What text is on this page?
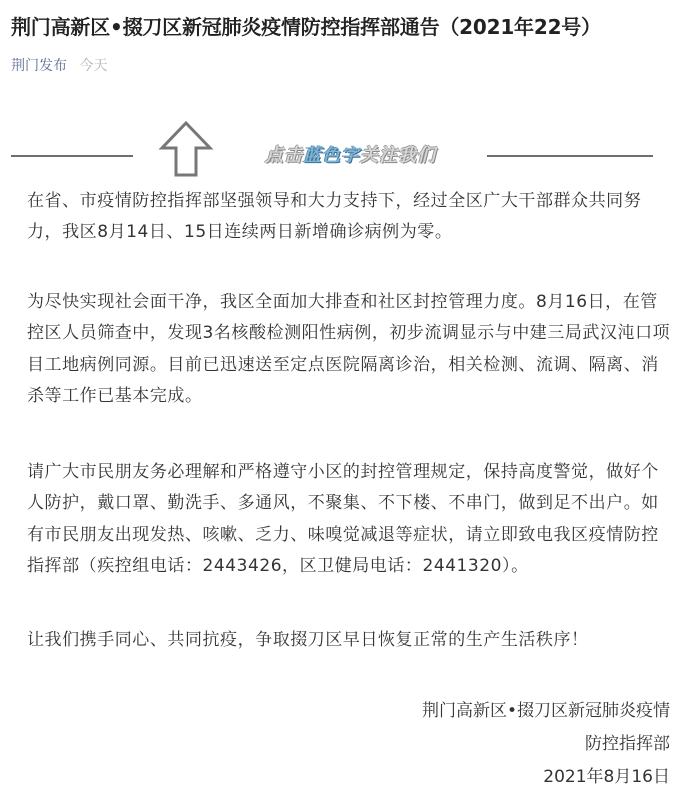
荆门高新区•掇刀区新冠肺炎疫情防控指挥部通告（2021年22号）
荆门发布 今天
点击蓝色字关注我们

在省、市疫情防控指挥部坚强领导和大力支持下，经过全区广大干部群众共同努力，我区8月14日、15日连续两日新增确诊病例为零。

为尽快实现社会面干净，我区全面加大排查和社区封控管理力度。8月16日，在管控区人员筛查中，发现3名核酸检测阳性病例，初步流调显示与中建三局武汉沌口项目工地病例同源。目前已迅速送至定点医院隔离诊治，相关检测、流调、隔离、消杀等工作已基本完成。

请广大市民朋友务必理解和严格遵守小区的封控管理规定，保持高度警觉，做好个人防护，戴口罩、勤洗手、多通风，不聚集、不下楼、不串门，做到足不出户。如有市民朋友出现发热、咳嗽、乏力、味嗅觉减退等症状，请立即致电我区疫情防控指挥部（疾控组电话：2443426，区卫健局电话：2441320）。

让我们携手同心、共同抗疫，争取掇刀区早日恢复正常的生产生活秩序！

荆门高新区•掇刀区新冠肺炎疫情
防控指挥部
2021年8月16日
